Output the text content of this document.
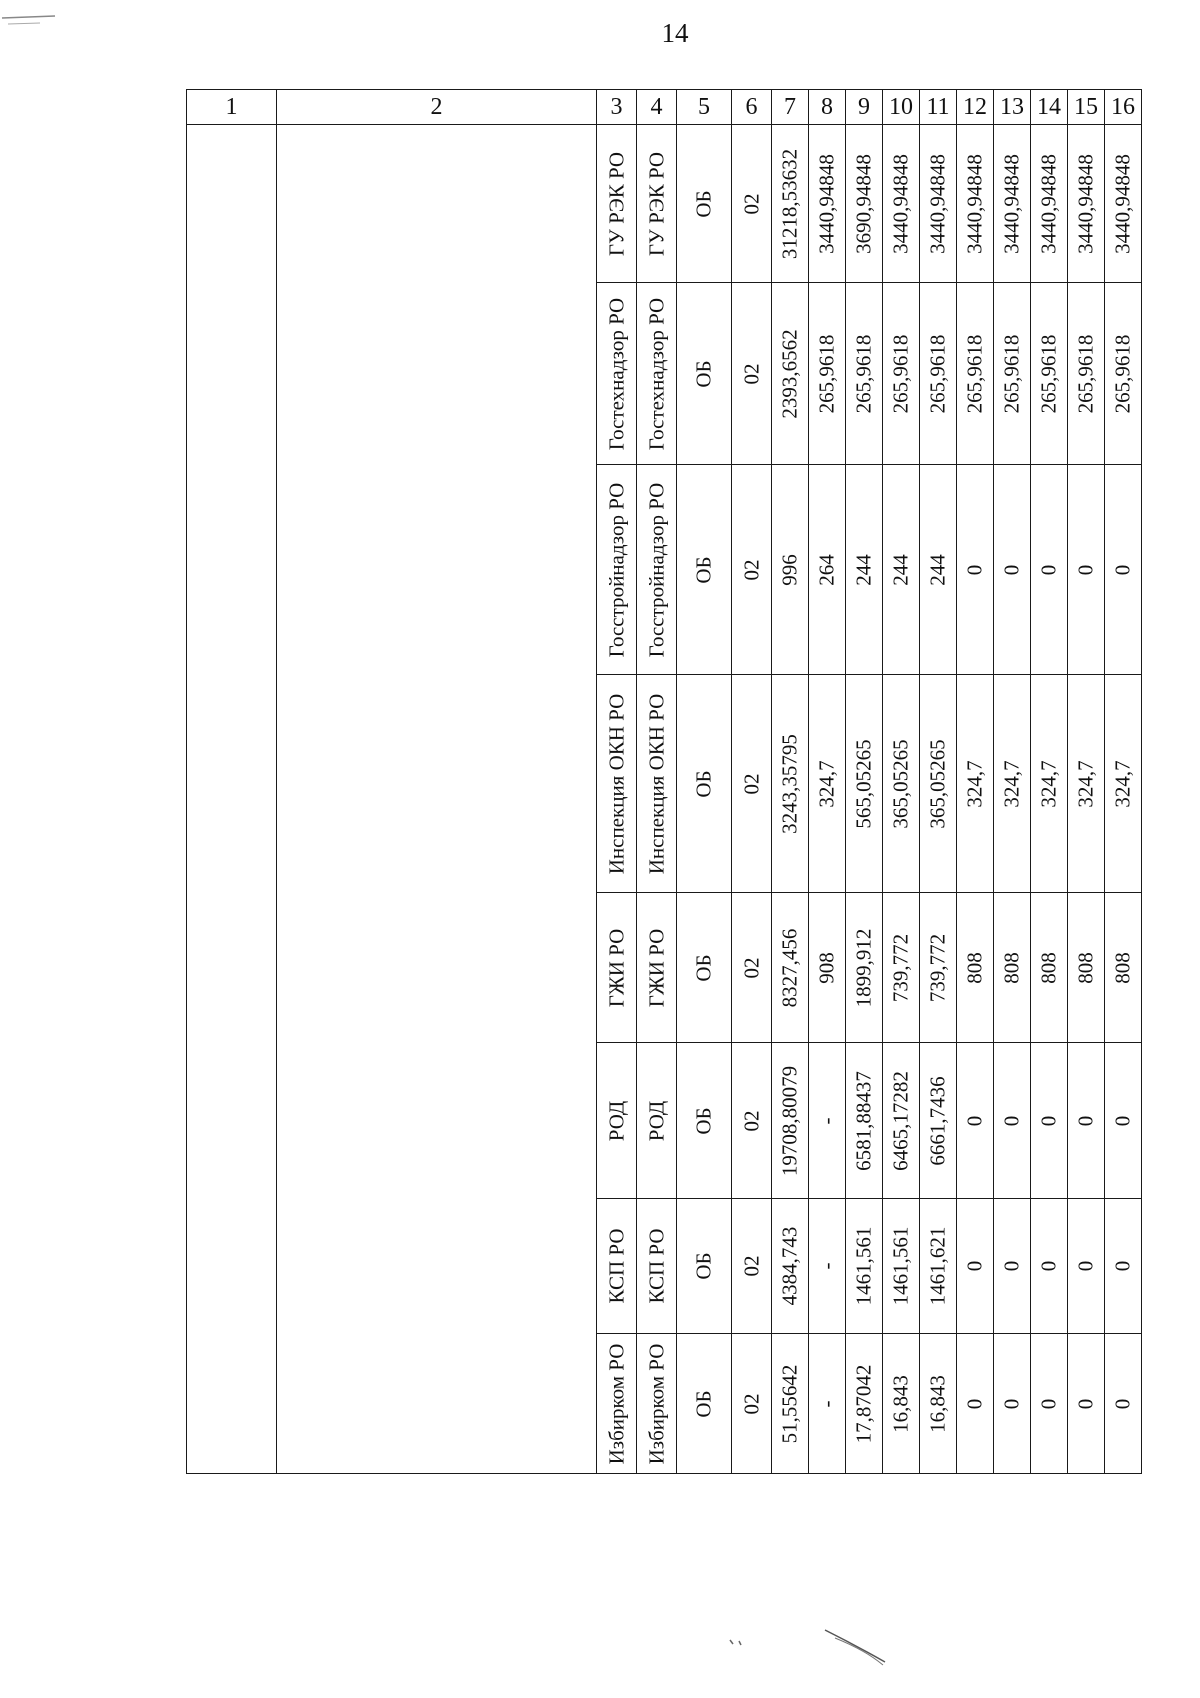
14
1	2	3	4	5	6	7	8	9	10	11	12	13	14	15	16

		ГУ РЭК РО	ГУ РЭК РО	ОБ	02	31218,53632	3440,94848	3690,94848	3440,94848	3440,94848	3440,94848	3440,94848	3440,94848	3440,94848	3440,94848

		Гостехнадзор РО	Гостехнадзор РО	ОБ	02	2393,6562	265,9618	265,9618	265,9618	265,9618	265,9618	265,9618	265,9618	265,9618	265,9618

		Госстройнадзор РО	Госстройнадзор РО	ОБ	02	996	264	244	244	244	0	0	0	0	0

		Инспекция ОКН РО	Инспекция ОКН РО	ОБ	02	3243,35795	324,7	565,05265	365,05265	365,05265	324,7	324,7	324,7	324,7	324,7

		ГЖИ РО	ГЖИ РО	ОБ	02	8327,456	908	1899,912	739,772	739,772	808	808	808	808	808

		РОД	РОД	ОБ	02	19708,80079	-	6581,88437	6465,17282	6661,7436	0	0	0	0	0

		КСП РО	КСП РО	ОБ	02	4384,743	-	1461,561	1461,561	1461,621	0	0	0	0	0

		Избирком РО	Избирком РО	ОБ	02	51,55642	-	17,87042	16,843	16,843	0	0	0	0	0
